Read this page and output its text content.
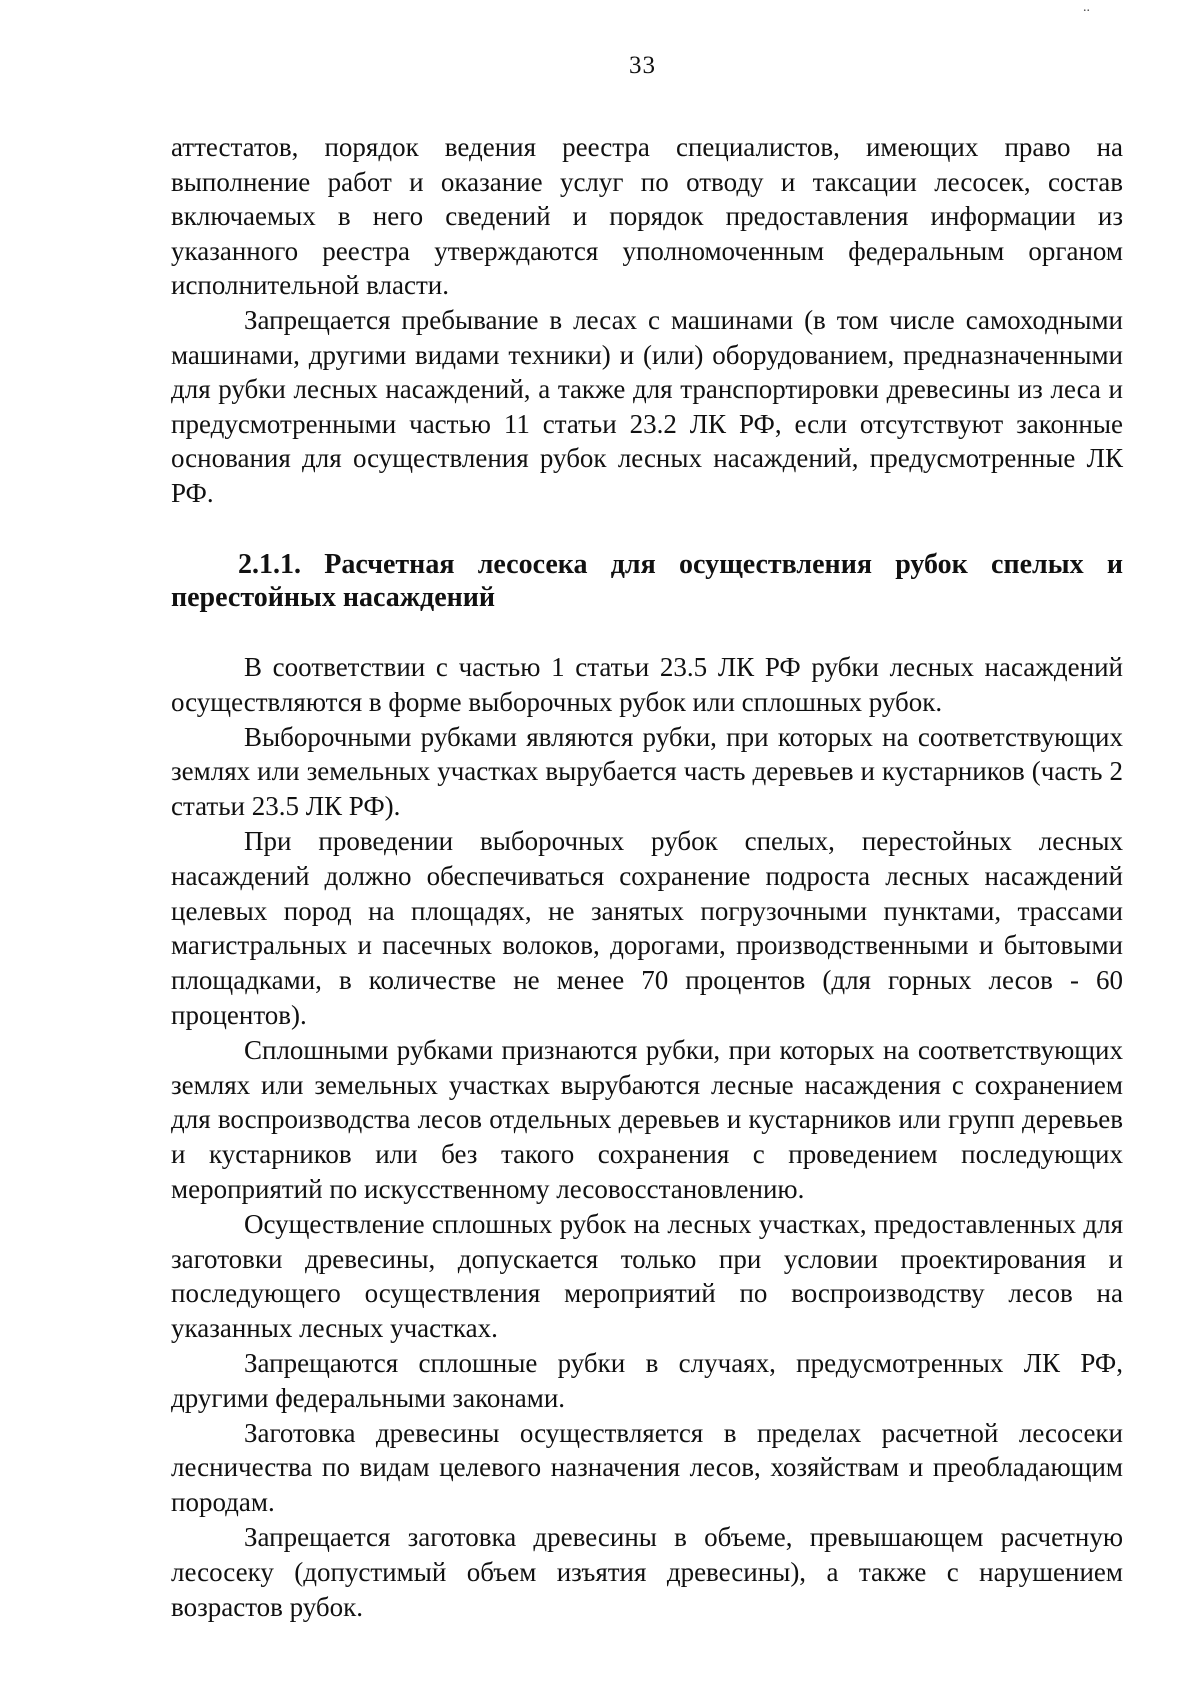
..
33

аттестатов, порядок ведения реестра специалистов, имеющих право на выполнение работ и оказание услуг по отводу и таксации лесосек, состав включаемых в него сведений и порядок предоставления информации из указанного реестра утверждаются уполномоченным федеральным органом исполнительной власти.

Запрещается пребывание в лесах с машинами (в том числе самоходными машинами, другими видами техники) и (или) оборудованием, предназначенными для рубки лесных насаждений, а также для транспортировки древесины из леса и предусмотренными частью 11 статьи 23.2 ЛК РФ, если отсутствуют законные основания для осуществления рубок лесных насаждений, предусмотренные ЛК РФ.

2.1.1. Расчетная лесосека для осуществления рубок спелых и перестойных насаждений

В соответствии с частью 1 статьи 23.5 ЛК РФ рубки лесных насаждений осуществляются в форме выборочных рубок или сплошных рубок.

Выборочными рубками являются рубки, при которых на соответствующих землях или земельных участках вырубается часть деревьев и кустарников (часть 2 статьи 23.5 ЛК РФ).

При проведении выборочных рубок спелых, перестойных лесных насаждений должно обеспечиваться сохранение подроста лесных насаждений целевых пород на площадях, не занятых погрузочными пунктами, трассами магистральных и пасечных волоков, дорогами, производственными и бытовыми площадками, в количестве не менее 70 процентов (для горных лесов - 60 процентов).

Сплошными рубками признаются рубки, при которых на соответствующих землях или земельных участках вырубаются лесные насаждения с сохранением для воспроизводства лесов отдельных деревьев и кустарников или групп деревьев и кустарников или без такого сохранения с проведением последующих мероприятий по искусственному лесовосстановлению.

Осуществление сплошных рубок на лесных участках, предоставленных для заготовки древесины, допускается только при условии проектирования и последующего осуществления мероприятий по воспроизводству лесов на указанных лесных участках.

Запрещаются сплошные рубки в случаях, предусмотренных ЛК РФ, другими федеральными законами.

Заготовка древесины осуществляется в пределах расчетной лесосеки лесничества по видам целевого назначения лесов, хозяйствам и преобладающим породам.

Запрещается заготовка древесины в объеме, превышающем расчетную лесосеку (допустимый объем изъятия древесины), а также с нарушением возрастов рубок.
